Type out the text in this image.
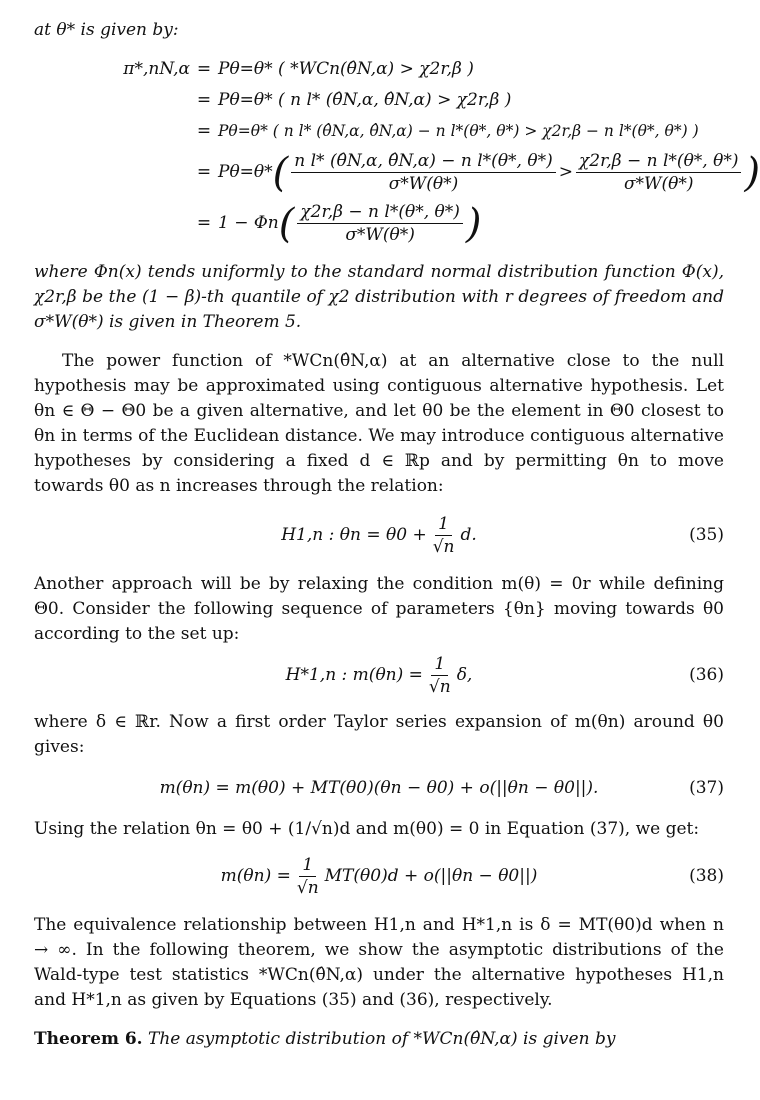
at θ* is given by:

π*,nN,α = Pθ=θ* ( *WCn(θ̂N,α) > χ2r,β )
= Pθ=θ* ( n l* (θ̂N,α, θ̂N,α) > χ2r,β )
= Pθ=θ* ( n l* (θ̂N,α, θ̂N,α) − n l*(θ*, θ*) > χ2r,β − n l*(θ*, θ*) )
= Pθ=θ* ( $\frac{\text{n l* (θ̂N,α, θ̂N,α) − n l*(θ*, θ*)}}{\sigma*W(\theta*)} > \frac{\text{χ2r,β − n l*(θ*, θ*)}}{\sigma*W(\theta*)}$ )
= 1 − Φn ( $\frac{\text{χ2r,β − n l*(θ*, θ*)}}{\sigma*W(\theta*)}$ )

where Φn(x) tends uniformly to the standard normal distribution function Φ(x), χ2r,β be the (1 − β)-th quantile of χ2 distribution with r degrees of freedom and σ*W(θ*) is given in Theorem 5.

The power function of *WCn(θ̂N,α) at an alternative close to the null hypothesis may be approximated using contiguous alternative hypothesis. Let θn ∈ Θ − Θ0 be a given alternative, and let θ0 be the element in Θ0 closest to θn in terms of the Euclidean distance. We may introduce contiguous alternative hypotheses by considering a fixed d ∈ ℝp and by permitting θn to move towards θ0 as n increases through the relation:

H1,n : $\theta n = \theta 0 + \frac{1}{√n} d$.	(35)

Another approach will be by relaxing the condition m(θ) = 0r while defining Θ0. Consider the following sequence of parameters {θn} moving towards θ0 according to the set up:

H*1,n : $m(\theta n) = \frac{1}{√n} \delta$,	(36)

where δ ∈ ℝr. Now a first order Taylor series expansion of m(θn) around θ0 gives:

m(θn) = m(θ0) + MT(θ0)(θn − θ0) + o(||θn − θ0||).	(37)

Using the relation θn = θ0 + (1/√n)d and m(θ0) = 0 in Equation (37), we get:

$m(\theta n) = \frac{1}{√n} MT(\theta 0)d + o(||\theta n - \theta 0||)$	(38)

The equivalence relationship between H1,n and H*1,n is δ = MT(θ0)d when n → ∞. In the following theorem, we show the asymptotic distributions of the Wald-type test statistics *WCn(θ̂N,α) under the alternative hypotheses H1,n and H*1,n as given by Equations (35) and (36), respectively.

Theorem 6. The asymptotic distribution of *WCn(θ̂N,α) is given by
